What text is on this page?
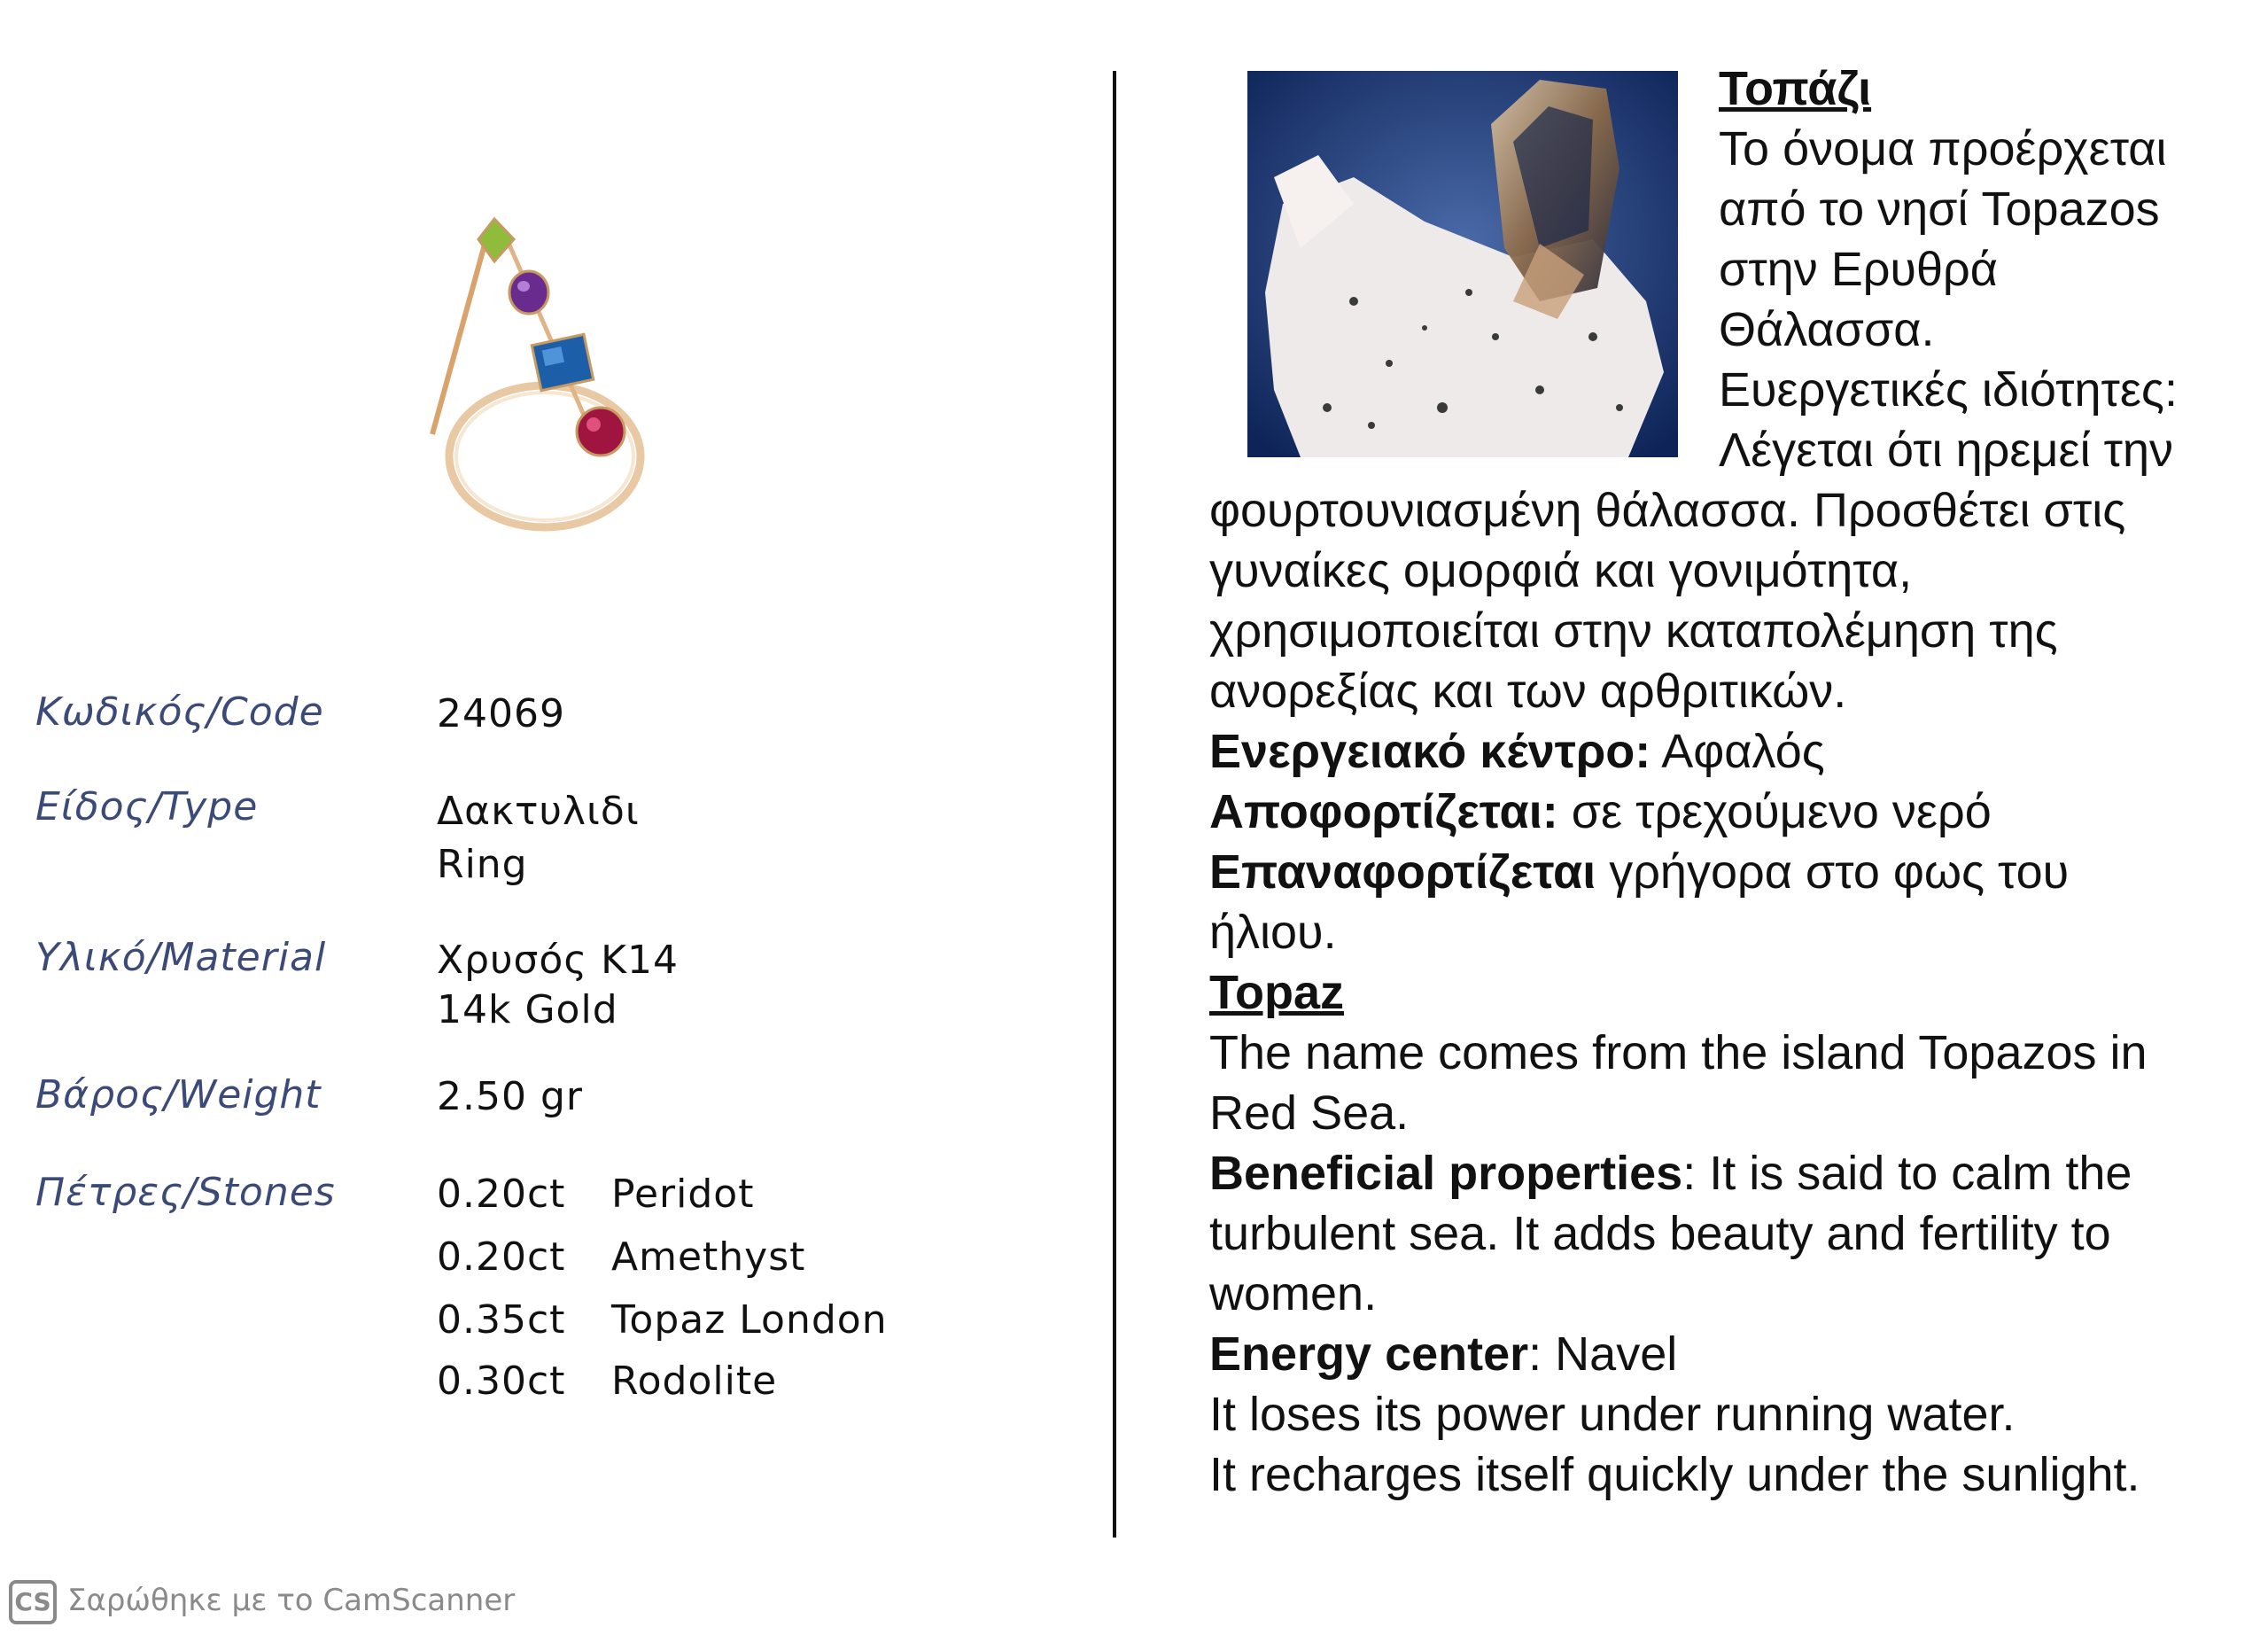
Κωδικός/Code	24069
Είδος/Type	Δακτυλιδι
Ring
Υλικό/Material	Χρυσός Κ14
14k Gold
Βάρος/Weight	2.50 gr
Πέτρες/Stones	0.20ct Peridot
0.20ct Amethyst
0.35ct Topaz London
0.30ct Rodolite
Τοπάζι
Το όνομα προέρχεται
από το νησί Topazos
στην Ερυθρά
Θάλασσα.
Ευεργετικές ιδιότητες:
Λέγεται ότι ηρεμεί την
φουρτουνιασμένη θάλασσα. Προσθέτει στις
γυναίκες ομορφιά και γονιμότητα,
χρησιμοποιείται στην καταπολέμηση της
ανορεξίας και των αρθριτικών.
Ενεργειακό κέντρο: Αφαλός
Αποφορτίζεται: σε τρεχούμενο νερό
Επαναφορτίζεται γρήγορα στο φως του
ήλιου.
Topaz
The name comes from the island Topazos in
Red Sea.
Beneficial properties: It is said to calm the
turbulent sea. It adds beauty and fertility to
women.
Energy center: Navel
It loses its power under running water.
It recharges itself quickly under the sunlight.
CS Σαρώθηκε με το CamScanner
